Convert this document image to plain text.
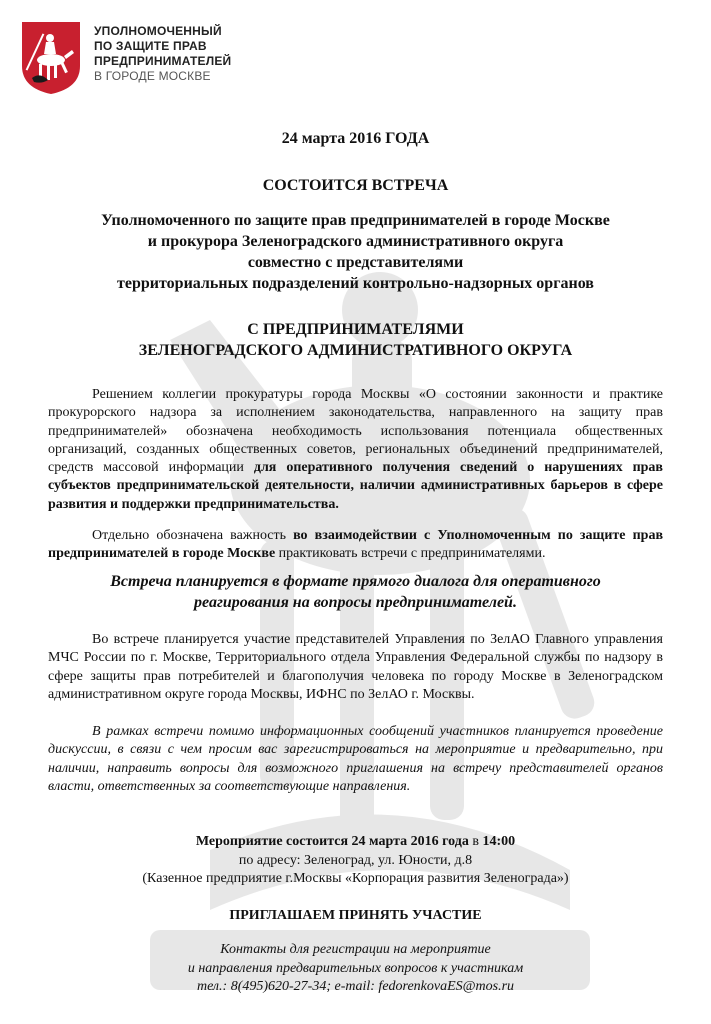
УПОЛНОМОЧЕННЫЙ
ПО ЗАЩИТЕ ПРАВ
ПРЕДПРИНИМАТЕЛЕЙ
В ГОРОДЕ МОСКВЕ
24 марта 2016 ГОДА
СОСТОИТСЯ ВСТРЕЧА
Уполномоченного по защите прав предпринимателей в городе Москве
и прокурора Зеленоградского административного округа
совместно с представителями
территориальных подразделений контрольно-надзорных органов
С ПРЕДПРИНИМАТЕЛЯМИ
ЗЕЛЕНОГРАДСКОГО АДМИНИСТРАТИВНОГО ОКРУГА
Решением коллегии прокуратуры города Москвы «О состоянии законности и практике прокурорского надзора за исполнением законодательства, направленного на защиту прав предпринимателей» обозначена необходимость использования потенциала общественных организаций, созданных общественных советов, региональных объединений предпринимателей, средств массовой информации для оперативного получения сведений о нарушениях прав субъектов предпринимательской деятельности, наличии административных барьеров в сфере развития и поддержки предпринимательства.
Отдельно обозначена важность во взаимодействии с Уполномоченным по защите прав предпринимателей в городе Москве практиковать встречи с предпринимателями.
Встреча планируется в формате прямого диалога для оперативного
реагирования на вопросы предпринимателей.
Во встрече планируется участие представителей Управления по ЗелАО Главного управления МЧС России по г. Москве, Территориального отдела Управления Федеральной службы по надзору в сфере защиты прав потребителей и благополучия человека по городу Москве в Зеленоградском административном округе города Москвы, ИФНС по ЗелАО г. Москвы.
В рамках встречи помимо информационных сообщений участников планируется проведение дискуссии, в связи с чем просим вас зарегистрироваться на мероприятие и предварительно, при наличии, направить вопросы для возможного приглашения на встречу представителей органов власти, ответственных за соответствующие направления.
Мероприятие состоится 24 марта 2016 года в 14:00
по адресу: Зеленоград, ул. Юности, д.8
(Казенное предприятие г.Москвы «Корпорация развития Зеленограда»)
ПРИГЛАШАЕМ ПРИНЯТЬ УЧАСТИЕ
Контакты для регистрации на мероприятие
и направления предварительных вопросов к участникам
тел.: 8(495)620-27-34; e-mail: fedorenkovaES@mos.ru
